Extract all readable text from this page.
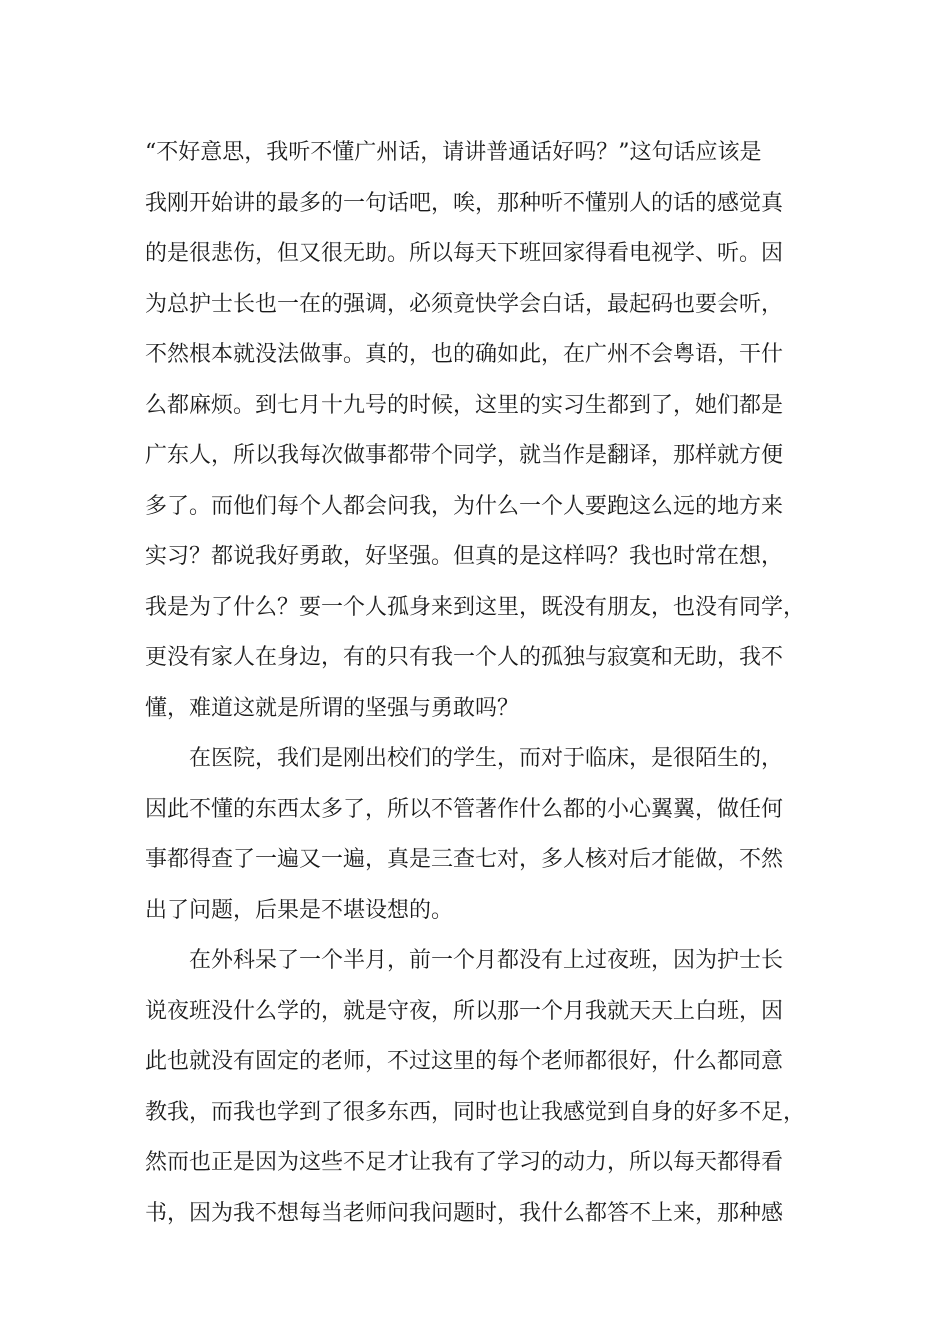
“不好意思，我听不懂广州话，请讲普通话好吗？”这句话应该是
我刚开始讲的最多的一句话吧，唉，那种听不懂别人的话的感觉真
的是很悲伤，但又很无助。所以每天下班回家得看电视学、听。因
为总护士长也一在的强调，必须竟快学会白话，最起码也要会听，
不然根本就没法做事。真的，也的确如此，在广州不会粤语，干什
么都麻烦。到七月十九号的时候，这里的实习生都到了，她们都是
广东人，所以我每次做事都带个同学，就当作是翻译，那样就方便
多了。而他们每个人都会问我，为什么一个人要跑这么远的地方来
实习？都说我好勇敢，好坚强。但真的是这样吗？我也时常在想，
我是为了什么？要一个人孤身来到这里，既没有朋友，也没有同学，
更没有家人在身边，有的只有我一个人的孤独与寂寞和无助，我不
懂，难道这就是所谓的坚强与勇敢吗？
在医院，我们是刚出校们的学生，而对于临床，是很陌生的，
因此不懂的东西太多了，所以不管著作什么都的小心翼翼，做任何
事都得查了一遍又一遍，真是三查七对，多人核对后才能做，不然
出了问题，后果是不堪设想的。
在外科呆了一个半月，前一个月都没有上过夜班，因为护士长
说夜班没什么学的，就是守夜，所以那一个月我就天天上白班，因
此也就没有固定的老师，不过这里的每个老师都很好，什么都同意
教我，而我也学到了很多东西，同时也让我感觉到自身的好多不足，
然而也正是因为这些不足才让我有了学习的动力，所以每天都得看
书，因为我不想每当老师问我问题时，我什么都答不上来，那种感
